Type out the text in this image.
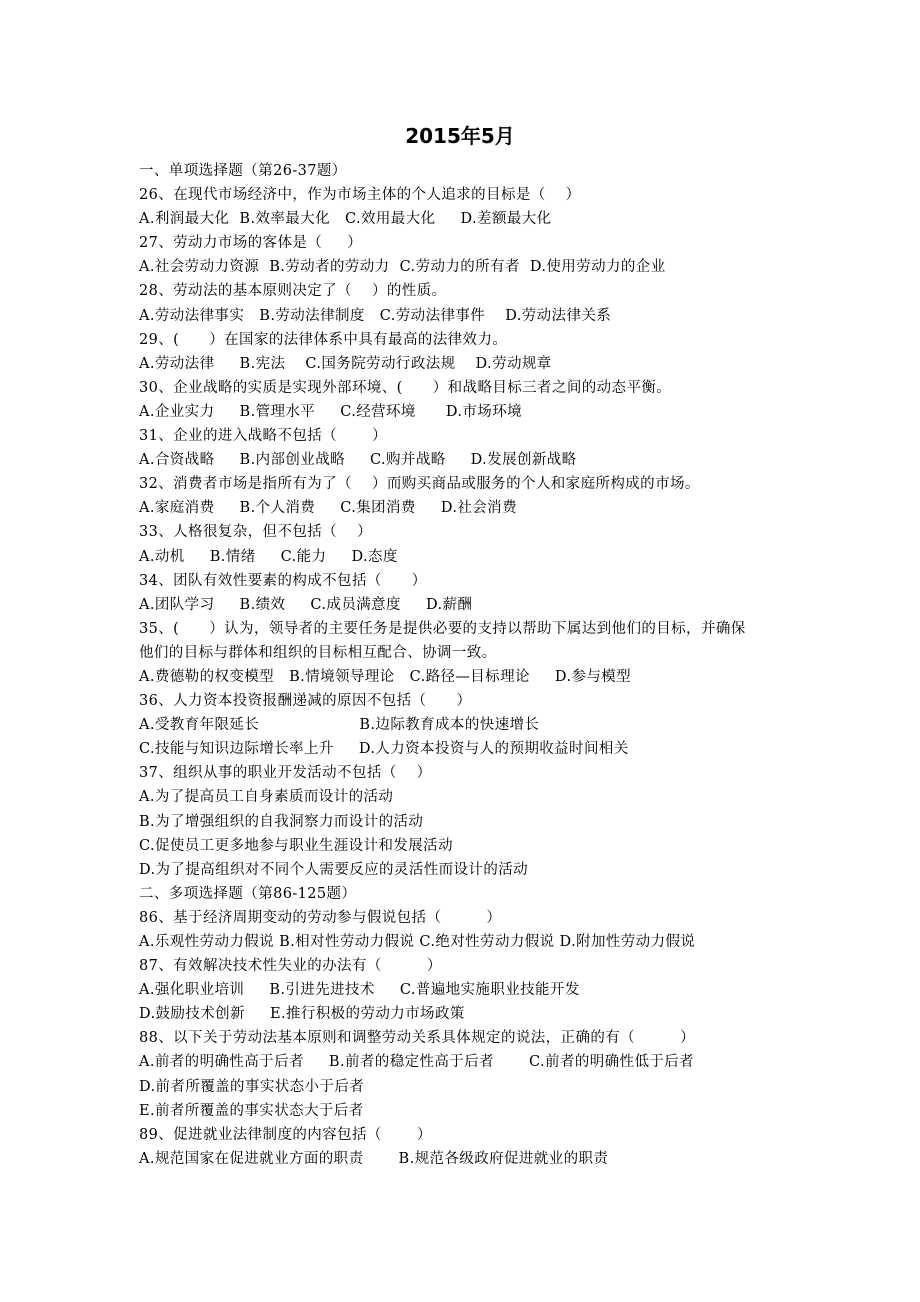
2015年5月
一、单项选择题（第26-37题）
26、在现代市场经济中，作为市场主体的个人追求的目标是（    ）
A.利润最大化  B.效率最大化   C.效用最大化     D.差额最大化
27、劳动力市场的客体是（     ）
A.社会劳动力资源  B.劳动者的劳动力  C.劳动力的所有者  D.使用劳动力的企业
28、劳动法的基本原则决定了（    ）的性质。
A.劳动法律事实   B.劳动法律制度   C.劳动法律事件    D.劳动法律关系
29、(      ）在国家的法律体系中具有最高的法律效力。
A.劳动法律     B.宪法    C.国务院劳动行政法规    D.劳动规章
30、企业战略的实质是实现外部环境、(      ）和战略目标三者之间的动态平衡。
A.企业实力     B.管理水平     C.经营环境      D.市场环境
31、企业的进入战略不包括（       ）
A.合资战略     B.内部创业战略     C.购并战略     D.发展创新战略
32、消费者市场是指所有为了（    ）而购买商品或服务的个人和家庭所构成的市场。
A.家庭消费     B.个人消费     C.集团消费     D.社会消费
33、人格很复杂，但不包括（    ）
A.动机     B.情绪     C.能力     D.态度
34、团队有效性要素的构成不包括（      ）
A.团队学习     B.绩效     C.成员满意度     D.薪酬
35、(      ）认为，领导者的主要任务是提供必要的支持以帮助下属达到他们的目标，并确保
他们的目标与群体和组织的目标相互配合、协调一致。
A.费德勒的权变模型   B.情境领导理论   C.路径—目标理论     D.参与模型
36、人力资本投资报酬递减的原因不包括（      ）
A.受教育年限延长                    B.边际教育成本的快速增长
C.技能与知识边际增长率上升     D.人力资本投资与人的预期收益时间相关
37、组织从事的职业开发活动不包括（    ）
A.为了提高员工自身素质而设计的活动
B.为了增强组织的自我洞察力而设计的活动
C.促使员工更多地参与职业生涯设计和发展活动
D.为了提高组织对不同个人需要反应的灵活性而设计的活动
二、多项选择题（第86-125题）
86、基于经济周期变动的劳动参与假说包括（         ）
A.乐观性劳动力假说 B.相对性劳动力假说 C.绝对性劳动力假说 D.附加性劳动力假说
87、有效解决技术性失业的办法有（         ）
A.强化职业培训     B.引进先进技术     C.普遍地实施职业技能开发
D.鼓励技术创新     E.推行积极的劳动力市场政策
88、以下关于劳动法基本原则和调整劳动关系具体规定的说法，正确的有（         ）
A.前者的明确性高于后者     B.前者的稳定性高于后者       C.前者的明确性低于后者
D.前者所覆盖的事实状态小于后者
E.前者所覆盖的事实状态大于后者
89、促进就业法律制度的内容包括（       ）
A.规范国家在促进就业方面的职责       B.规范各级政府促进就业的职责
